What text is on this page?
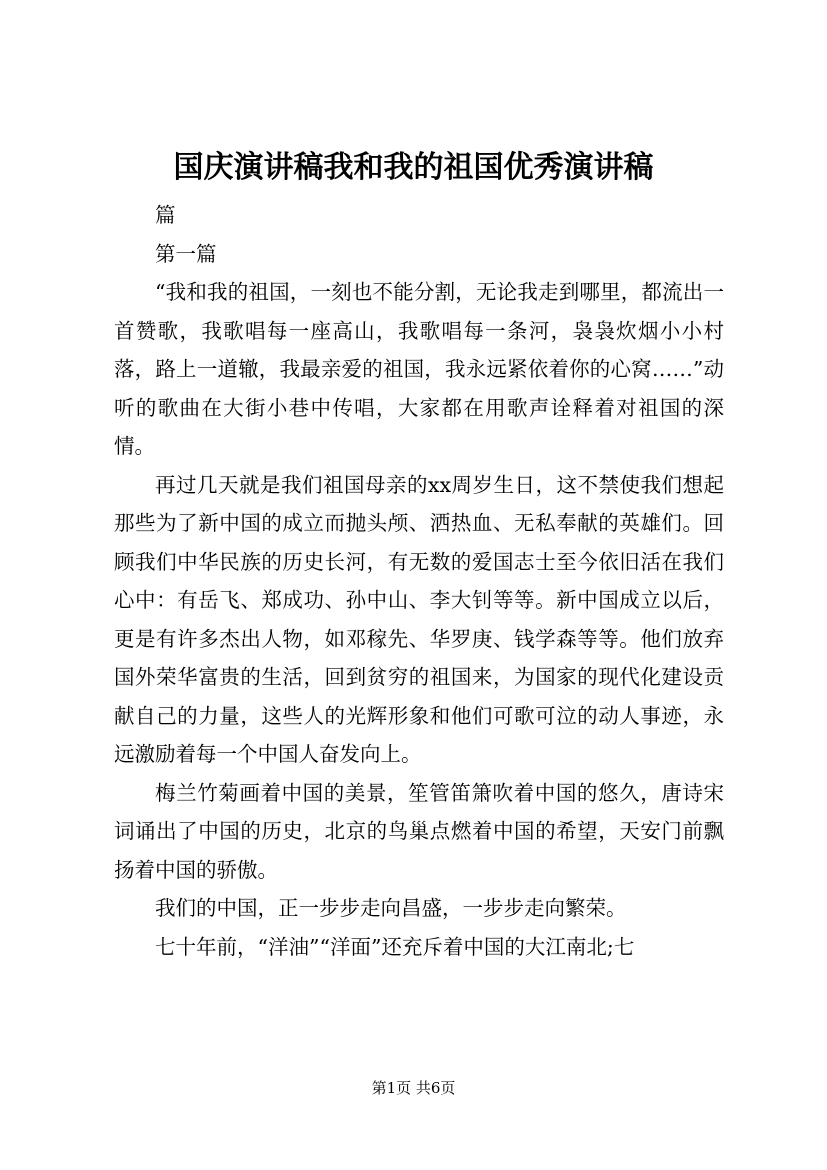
国庆演讲稿我和我的祖国优秀演讲稿

篇

第一篇

“我和我的祖国，一刻也不能分割，无论我走到哪里，都流出一首赞歌，我歌唱每一座高山，我歌唱每一条河，袅袅炊烟小小村落，路上一道辙，我最亲爱的祖国，我永远紧依着你的心窝……”动听的歌曲在大街小巷中传唱，大家都在用歌声诠释着对祖国的深情。

再过几天就是我们祖国母亲的xx周岁生日，这不禁使我们想起那些为了新中国的成立而抛头颅、洒热血、无私奉献的英雄们。回顾我们中华民族的历史长河，有无数的爱国志士至今依旧活在我们心中：有岳飞、郑成功、孙中山、李大钊等等。新中国成立以后，更是有许多杰出人物，如邓稼先、华罗庚、钱学森等等。他们放弃国外荣华富贵的生活，回到贫穷的祖国来，为国家的现代化建设贡献自己的力量，这些人的光辉形象和他们可歌可泣的动人事迹，永远激励着每一个中国人奋发向上。

梅兰竹菊画着中国的美景，笙管笛箫吹着中国的悠久，唐诗宋词诵出了中国的历史，北京的鸟巢点燃着中国的希望，天安门前飘扬着中国的骄傲。

我们的中国，正一步步走向昌盛，一步步走向繁荣。

七十年前，“洋油”“洋面”还充斥着中国的大江南北;七

第1页 共6页
